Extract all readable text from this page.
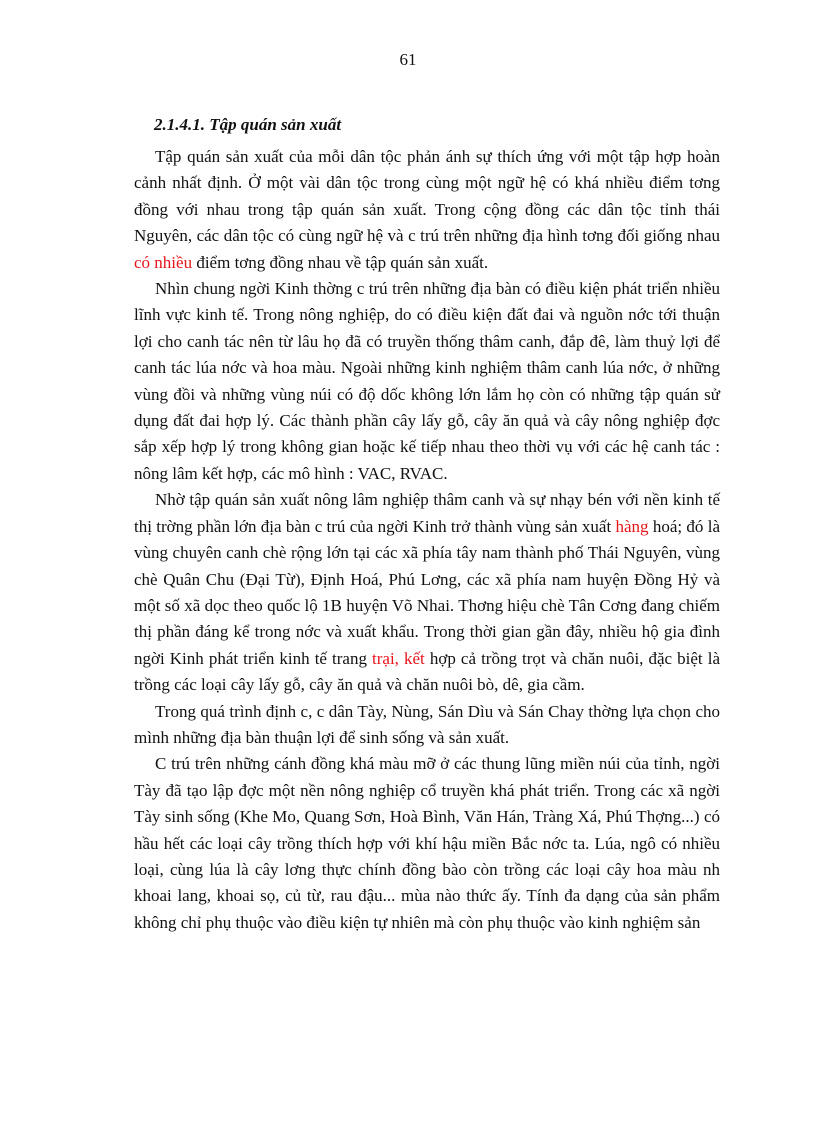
61
2.1.4.1. Tập quán sản xuất

Tập quán sản xuất của mỗi dân tộc phản ánh sự thích ứng với một tập hợp hoàn cảnh nhất định. Ở một vài dân tộc trong cùng một ngữ hệ có khá nhiều điểm tơng đồng với nhau trong tập quán sản xuất. Trong cộng đồng các dân tộc tỉnh thái Nguyên, các dân tộc có cùng ngữ hệ và c trú trên những địa hình tơng đối giống nhau có nhiều điểm tơng đồng nhau về tập quán sản xuất.

Nhìn chung ngời Kinh thờng c trú trên những địa bàn có điều kiện phát triển nhiều lĩnh vực kinh tế. Trong nông nghiệp, do có điều kiện đất đai và nguồn nớc tới thuận lợi cho canh tác nên từ lâu họ đã có truyền thống thâm canh, đắp đê, làm thuỷ lợi để canh tác lúa nớc và hoa màu. Ngoài những kinh nghiệm thâm canh lúa nớc, ở những vùng đồi và những vùng núi có độ dốc không lớn lắm họ còn có những tập quán sử dụng đất đai hợp lý. Các thành phần cây lấy gỗ, cây ăn quả và cây nông nghiệp đợc sắp xếp hợp lý trong không gian hoặc kế tiếp nhau theo thời vụ với các hệ canh tác : nông lâm kết hợp, các mô hình : VAC, RVAC.

Nhờ tập quán sản xuất nông lâm nghiệp thâm canh và sự nhạy bén với nền kinh tế thị trờng phần lớn địa bàn c trú của ngời Kinh trở thành vùng sản xuất hàng hoá; đó là vùng chuyên canh chè rộng lớn tại các xã phía tây nam thành phố Thái Nguyên, vùng chè Quân Chu (Đại Từ), Định Hoá, Phú Lơng, các xã phía nam huyện Đồng Hỷ và một số xã dọc theo quốc lộ 1B huyện Võ Nhai. Thơng hiệu chè Tân Cơng đang chiếm thị phần đáng kể trong nớc và xuất khẩu. Trong thời gian gần đây, nhiều hộ gia đình ngời Kinh phát triển kinh tế trang trại, kết hợp cả trồng trọt và chăn nuôi, đặc biệt là trồng các loại cây lấy gỗ, cây ăn quả và chăn nuôi bò, dê, gia cầm.

Trong quá trình định c, c dân Tày, Nùng, Sán Dìu và Sán Chay thờng lựa chọn cho mình những địa bàn thuận lợi để sinh sống và sản xuất.

C trú trên những cánh đồng khá màu mỡ ở các thung lũng miền núi của tỉnh, ngời Tày đã tạo lập đợc một nền nông nghiệp cổ truyền khá phát triển. Trong các xã ngời Tày sinh sống (Khe Mo, Quang Sơn, Hoà Bình, Văn Hán, Tràng Xá, Phú Thợng...) có hầu hết các loại cây trồng thích hợp với khí hậu miền Bắc nớc ta. Lúa, ngô có nhiều loại, cùng lúa là cây lơng thực chính đồng bào còn trồng các loại cây hoa màu nh khoai lang, khoai sọ, củ từ, rau đậu... mùa nào thức ấy. Tính đa dạng của sản phẩm không chỉ phụ thuộc vào điều kiện tự nhiên mà còn phụ thuộc vào kinh nghiệm sản
